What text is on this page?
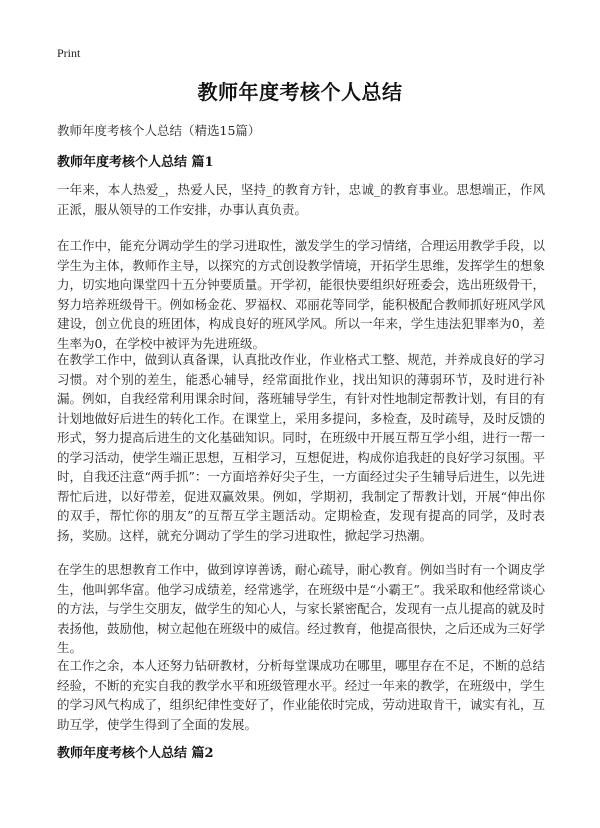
Print
教师年度考核个人总结
教师年度考核个人总结（精选15篇）
教师年度考核个人总结 篇1

一年来，本人热爱_，热爱人民，坚持_的教育方针，忠诚_的教育事业。思想端正，作风正派，服从领导的工作安排，办事认真负责。

在工作中，能充分调动学生的学习进取性，激发学生的学习情绪，合理运用教学手段，以学生为主体，教师作主导，以探究的方式创设教学情境，开拓学生思维，发挥学生的想象力，切实地向课堂四十五分钟要质量。开学初，能很快要组织好班委会，选出班级骨干，努力培养班级骨干。例如杨金花、罗福权、邓丽花等同学，能积极配合教师抓好班风学风建设，创立优良的班团体，构成良好的班风学风。所以一年来，学生违法犯罪率为0，差生率为0，在学校中被评为先进班级。

在教学工作中，做到认真备课，认真批改作业，作业格式工整、规范，并养成良好的学习习惯。对个别的差生，能悉心辅导，经常面批作业，找出知识的薄弱环节，及时进行补漏。例如，自我经常利用课余时间，落班辅导学生，有针对性地制定帮教计划，有目的有计划地做好后进生的转化工作。在课堂上，采用多提问，多检查，及时疏导，及时反馈的形式，努力提高后进生的文化基础知识。同时，在班级中开展互帮互学小组，进行一帮一的学习活动，使学生端正思想，互相学习，互想促进，构成你追我赶的良好学习氛围。平时，自我还注意“两手抓”：一方面培养好尖子生，一方面经过尖子生辅导后进生，以先进帮忙后进，以好带差，促进双赢效果。例如，学期初，我制定了帮教计划，开展“伸出你的双手，帮忙你的朋友”的互帮互学主题活动。定期检查，发现有提高的同学，及时表扬，奖励。这样，就充分调动了学生的学习进取性，掀起学习热潮。

在学生的思想教育工作中，做到谆谆善诱，耐心疏导，耐心教育。例如当时有一个调皮学生，他叫郭华富。他学习成绩差，经常逃学，在班级中是“小霸王”。我采取和他经常谈心的方法，与学生交朋友，做学生的知心人，与家长紧密配合，发现有一点儿提高的就及时表扬他，鼓励他，树立起他在班级中的威信。经过教育，他提高很快，之后还成为三好学生。

在工作之余，本人还努力钻研教材，分析每堂课成功在哪里，哪里存在不足，不断的总结经验，不断的充实自我的教学水平和班级管理水平。经过一年来的教学，在班级中，学生的学习风气构成了，组织纪律性变好了，作业能依时完成，劳动进取肯干，诚实有礼，互助互学，使学生得到了全面的发展。

教师年度考核个人总结 篇2
